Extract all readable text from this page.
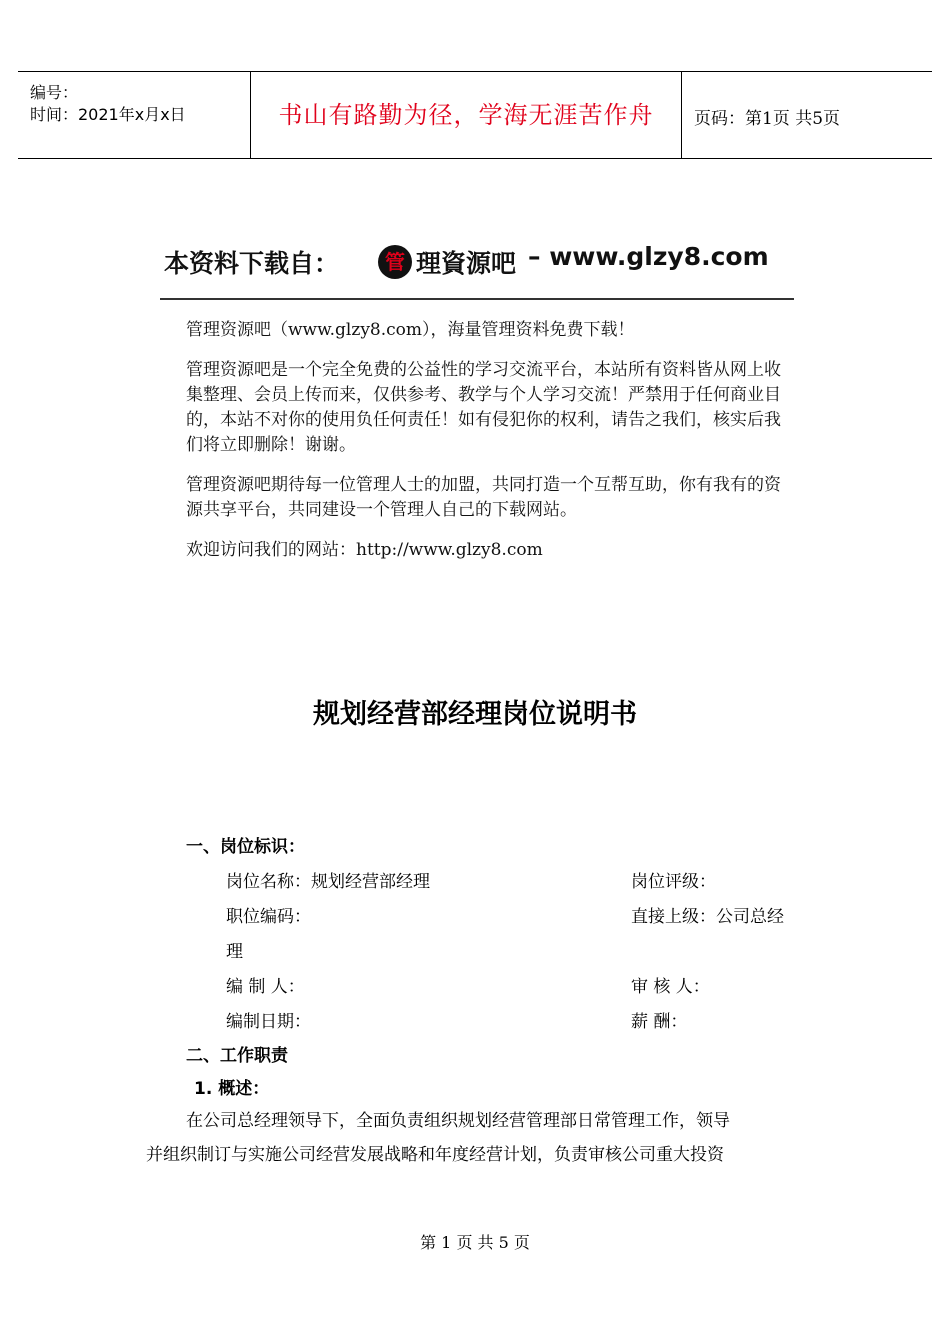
编号：
时间：2021年x月x日	书山有路勤为径，学海无涯苦作舟	页码：第1页 共5页
本资料下载自：	管 理資源吧 – www.glzy8.com

管理资源吧（www.glzy8.com），海量管理资料免费下载！

管理资源吧是一个完全免费的公益性的学习交流平台，本站所有资料皆从网上收集整理、会员上传而来，仅供参考、教学与个人学习交流！严禁用于任何商业目的，本站不对你的使用负任何责任！如有侵犯你的权利，请告之我们，核实后我们将立即删除！谢谢。

管理资源吧期待每一位管理人士的加盟，共同打造一个互帮互助，你有我有的资源共享平台，共同建设一个管理人自己的下载网站。

欢迎访问我们的网站：http://www.glzy8.com

规划经营部经理岗位说明书
一、岗位标识：
岗位名称：规划经营部经理	岗位评级：
职位编码：	直接上级：公司总经
理
编 制 人：	审 核 人：
编制日期：	薪 酬：
二、工作职责
1. 概述：
在公司总经理领导下，全面负责组织规划经营管理部日常管理工作，领导
并组织制订与实施公司经营发展战略和年度经营计划，负责审核公司重大投资
第 1 页 共 5 页
